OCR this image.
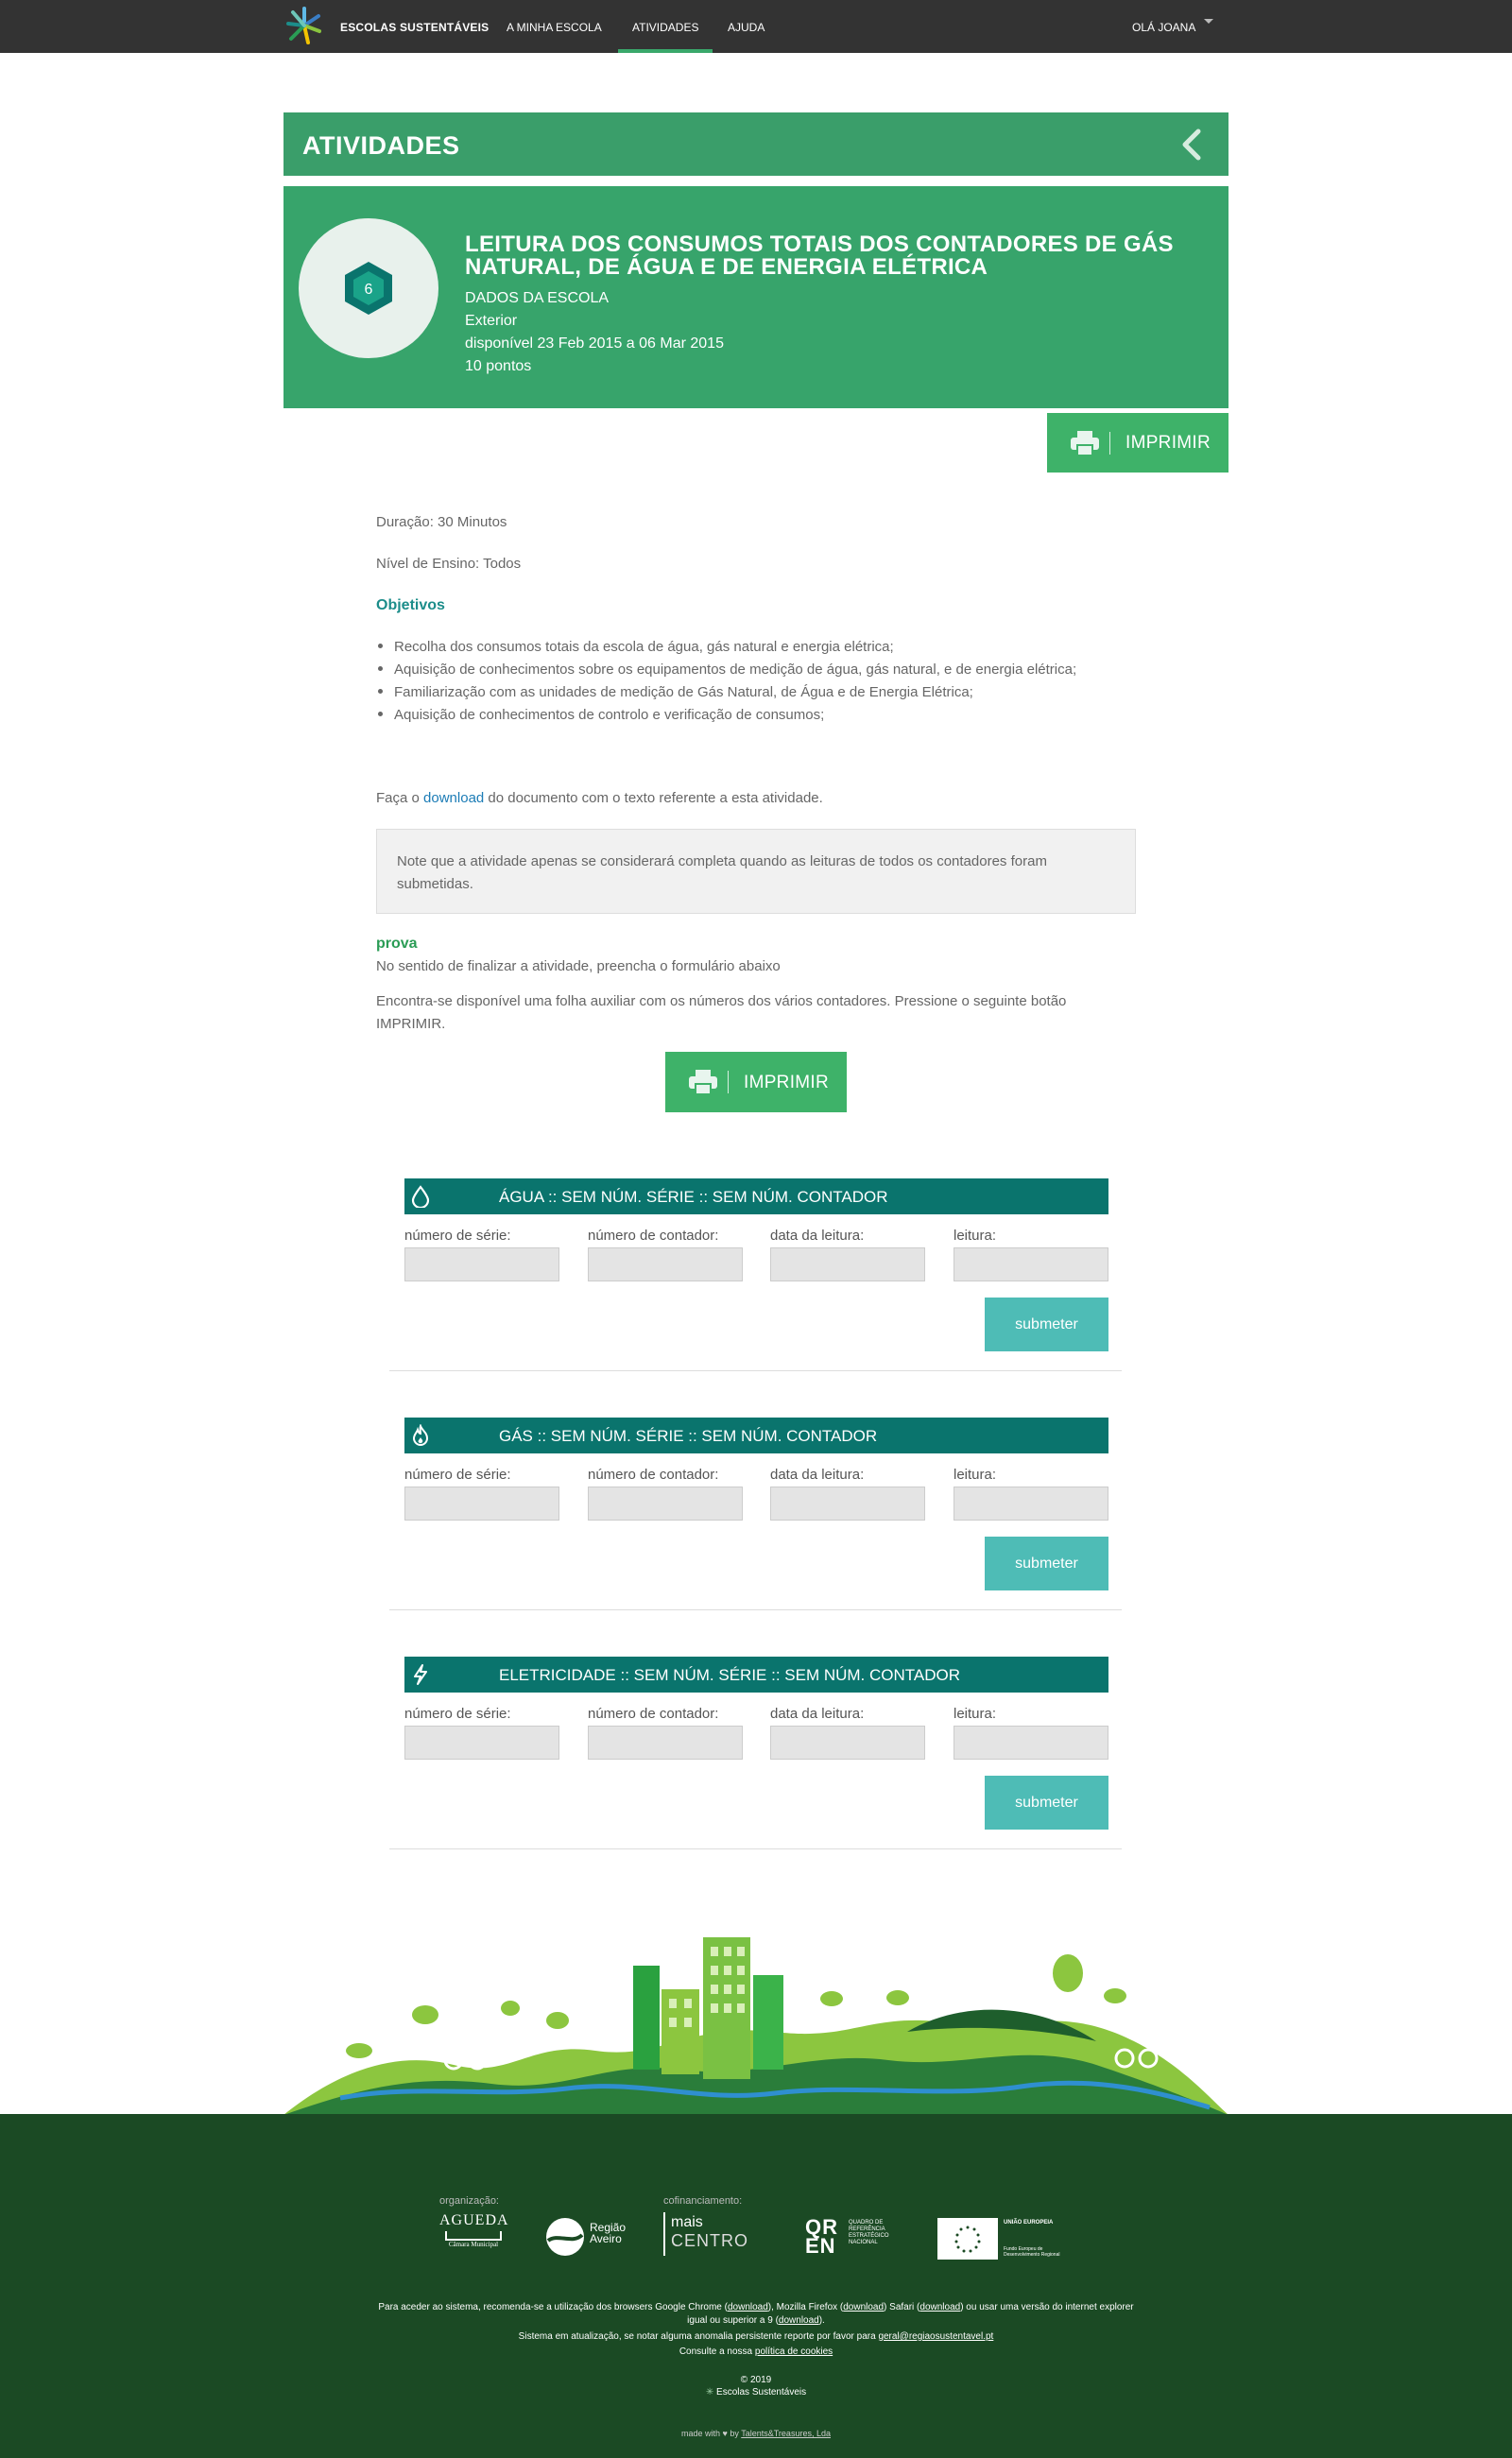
ESCOLAS SUSTENTÁVEIS A MINHA ESCOLA	ATIVIDADES	AJUDA	OLÁ JOANA
ATIVIDADES
6
LEITURA DOS CONSUMOS TOTAIS DOS CONTADORES DE GÁS NATURAL, DE ÁGUA E DE ENERGIA ELÉTRICA
DADOS DA ESCOLA
Exterior
disponível 23 Feb 2015 a 06 Mar 2015
10 pontos
IMPRIMIR
Duração: 30 Minutos
Nível de Ensino: Todos
Objetivos
Recolha dos consumos totais da escola de água, gás natural e energia elétrica;
Aquisição de conhecimentos sobre os equipamentos de medição de água, gás natural, e de energia elétrica;
Familiarização com as unidades de medição de Gás Natural, de Água e de Energia Elétrica;
Aquisição de conhecimentos de controlo e verificação de consumos;
Faça o download do documento com o texto referente a esta atividade.
Note que a atividade apenas se considerará completa quando as leituras de todos os contadores foram submetidas.
prova
No sentido de finalizar a atividade, preencha o formulário abaixo
Encontra-se disponível uma folha auxiliar com os números dos vários contadores. Pressione o seguinte botão IMPRIMIR.
IMPRIMIR
ÁGUA :: SEM NÚM. SÉRIE :: SEM NÚM. CONTADOR
número de série:	número de contador:	data da leitura:	leitura:
submeter
GÁS :: SEM NÚM. SÉRIE :: SEM NÚM. CONTADOR
número de série:	número de contador:	data da leitura:	leitura:
submeter
ELETRICIDADE :: SEM NÚM. SÉRIE :: SEM NÚM. CONTADOR
número de série:	número de contador:	data da leitura:	leitura:
submeter
organização:	cofinanciamento:
AGUEDA
Câmara Municipal
Região
Aveiro
mais
CENTRO
QR
EN
QUADRO DE REFERÊNCIA ESTRATÉGICO NACIONAL
UNIÃO EUROPEIA
Fundo Europeu de Desenvolvimento Regional
Para aceder ao sistema, recomenda-se a utilização dos browsers Google Chrome (download), Mozilla Firefox (download) Safari (download) ou usar uma versão do internet explorer
igual ou superior a 9 (download).
Sistema em atualização, se notar alguma anomalia persistente reporte por favor para geral@regiaosustentavel.pt
Consulte a nossa política de cookies
© 2019
✳ Escolas Sustentáveis
made with ♥ by Talents&Treasures, Lda
